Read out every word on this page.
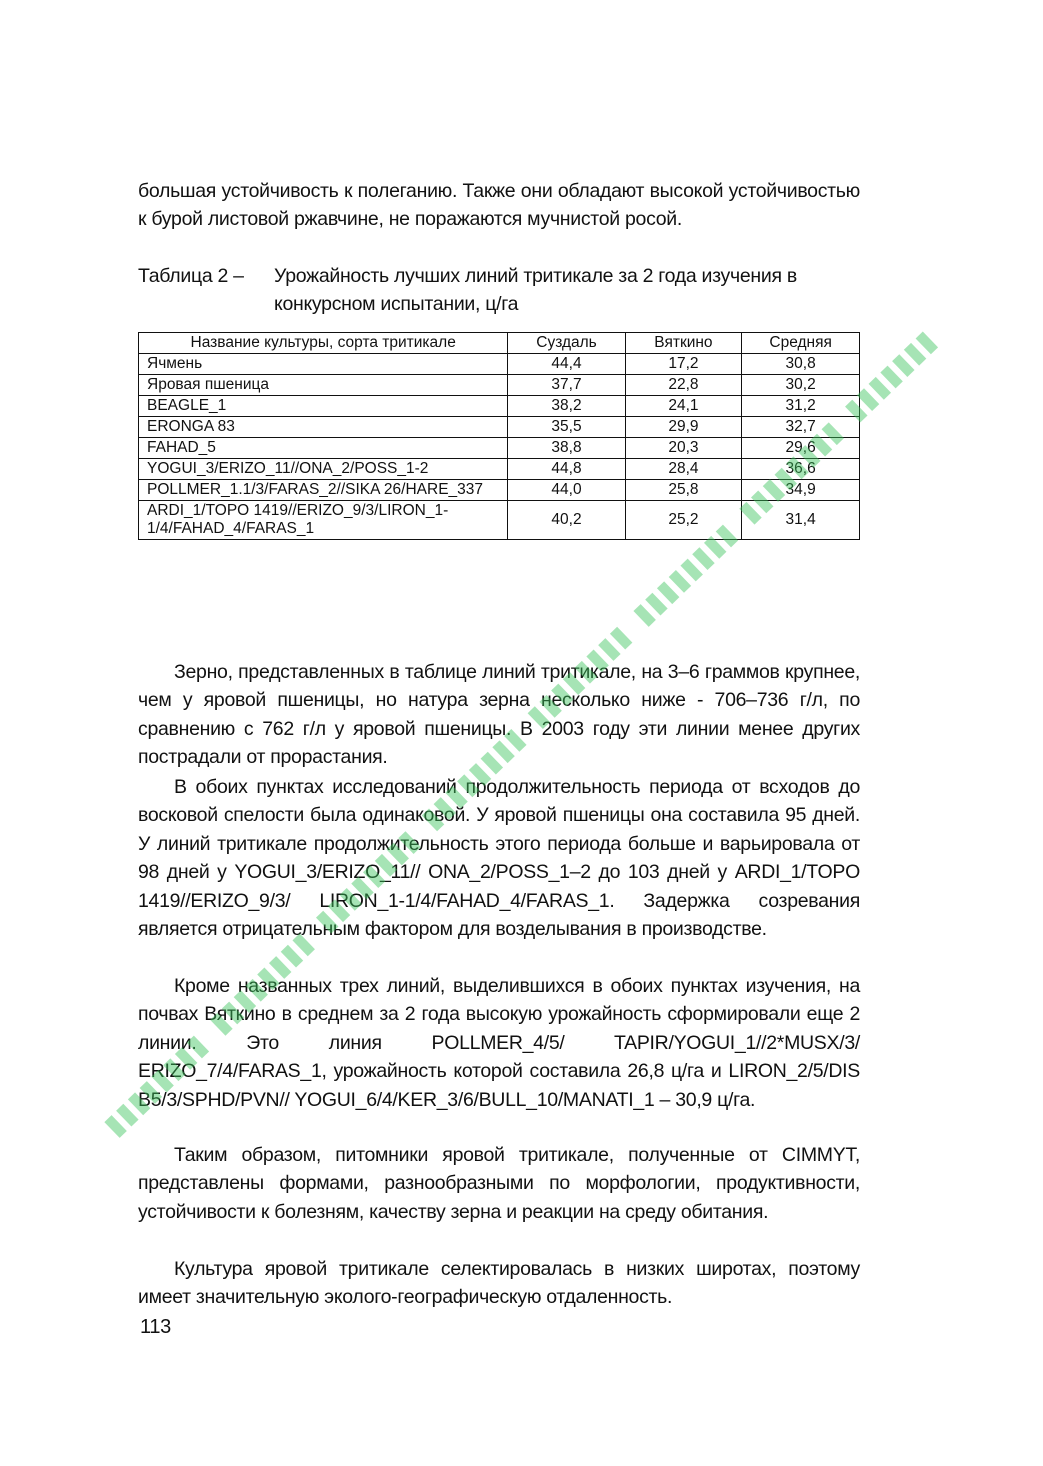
большая устойчивость к полеганию. Также они обладают высокой устойчивостью к бурой листовой ржавчине, не поражаются мучнистой росой.

Таблица 2 – Урожайность лучших линий тритикале за 2 года изучения в конкурсном испытании, ц/га
Название культуры, сорта тритикале	Суздаль	Вяткино	Средняя
Ячмень	44,4	17,2	30,8
Яровая пшеница	37,7	22,8	30,2
BEAGLE_1	38,2	24,1	31,2
ERONGA 83	35,5	29,9	32,7
FAHAD_5	38,8	20,3	29,6
YOGUI_3/ERIZO_11//ONA_2/POSS_1-2	44,8	28,4	36,6
POLLMER_1.1/3/FARAS_2//SIKA 26/HARE_337	44,0	25,8	34,9
ARDI_1/TOPO 1419//ERIZO_9/3/LIRON_1-1/4/FAHAD_4/FARAS_1	40,2	25,2	31,4

Зерно, представленных в таблице линий тритикале, на 3–6 граммов крупнее, чем у яровой пшеницы, но натура зерна несколько ниже - 706–736 г/л, по сравнению с 762 г/л у яровой пшеницы. В 2003 году эти линии менее других пострадали от прорастания.

В обоих пунктах исследований продолжительность периода от всходов до восковой спелости была одинаковой. У яровой пшеницы она составила 95 дней. У линий тритикале продолжительность этого периода больше и варьировала от 98 дней у YOGUI_3/ERIZO_11// ONA_2/POSS_1–2 до 103 дней у ARDI_1/TOPO 1419//ERIZO_9/3/ LIRON_1-1/4/FAHAD_4/FARAS_1. Задержка созревания является отрицательным фактором для возделывания в производстве.

Кроме названных трех линий, выделившихся в обоих пунктах изучения, на почвах Вяткино в среднем за 2 года высокую урожайность сформировали еще 2 линии. Это линия POLLMER_4/5/ TAPIR/YOGUI_1//2*MUSX/3/ ERIZO_7/4/FARAS_1, урожайность которой составила 26,8 ц/га и LIRON_2/5/DIS B5/3/SPHD/PVN// YOGUI_6/4/KER_3/6/BULL_10/MANATI_1 – 30,9 ц/га.

Таким образом, питомники яровой тритикале, полученные от CIMMYT, представлены формами, разнообразными по морфологии, продуктивности, устойчивости к болезням, качеству зерна и реакции на среду обитания.

Культура яровой тритикале селектировалась в низких широтах, поэтому имеет значительную эколого-географическую отдаленность.

113
